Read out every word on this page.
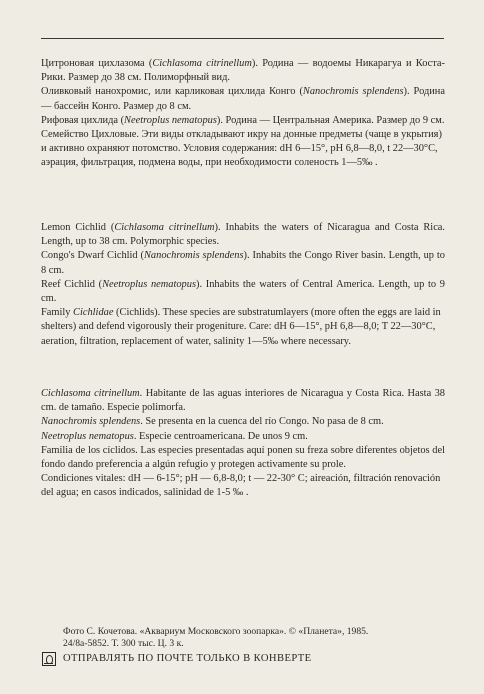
Цитроновая цихлазома (Cichlasoma citrinellum). Родина — водоемы Никарагуа и Коста-Рики. Размер до 38 см. Полиморфный вид.

Оливковый нанохромис, или карликовая цихлида Конго (Nanochromis splendens). Родина — бассейн Конго. Размер до 8 см.

Рифовая цихлида (Neetroplus nematopus). Родина — Центральная Америка. Размер до 9 см.

Семейство Цихловые. Эти виды откладывают икру на донные предметы (чаще в укрытия) и активно охраняют потомство. Условия содержания: dH 6—15°, pH 6,8—8,0, t 22—30°C, аэрация, фильтрация, подмена воды, при необходимости соленость 1—5‰ .

Lemon Cichlid (Cichlasoma citrinellum). Inhabits the waters of Nicaragua and Costa Rica. Length, up to 38 cm. Polymorphic species.

Congo's Dwarf Cichlid (Nanochromis splendens). Inhabits the Congo River basin. Length, up to 8 cm.

Reef Cichlid (Neetroplus nematopus). Inhabits the waters of Central America. Length, up to 9 cm.

Family Cichlidae (Cichlids). These species are substratumlayers (more often the eggs are laid in shelters) and defend vigorously their progeniture. Care: dH 6—15°, pH 6,8—8,0; T 22—30°C, aeration, filtration, replacement of water, salinity 1—5‰ where necessary.

Cichlasoma citrinellum. Habitante de las aguas interiores de Nicaragua y Costa Rica. Hasta 38 cm. de tamaño. Especie polimorfa.

Nanochromis splendens. Se presenta en la cuenca del río Congo. No pasa de 8 cm.

Neetroplus nematopus. Especie centroamericana. De unos 9 cm.

Familia de los cíclidos. Las especies presentadas aquí ponen su freza sobre diferentes objetos del fondo dando preferencia a algún refugio y protegen activamente su prole.

Condiciones vitales: dH — 6-15°; pH — 6,8-8,0; t — 22-30° C; aireación, filtración renovación del agua; en casos indicados, salinidad de 1-5 ‰ .

Фото С. Кочетова. «Аквариум Московского зоопарка». © «Планета», 1985.
24/8а-5852. Т. 300 тыс. Ц. 3 к.
ОТПРАВЛЯТЬ ПО ПОЧТЕ ТОЛЬКО В КОНВЕРТЕ
